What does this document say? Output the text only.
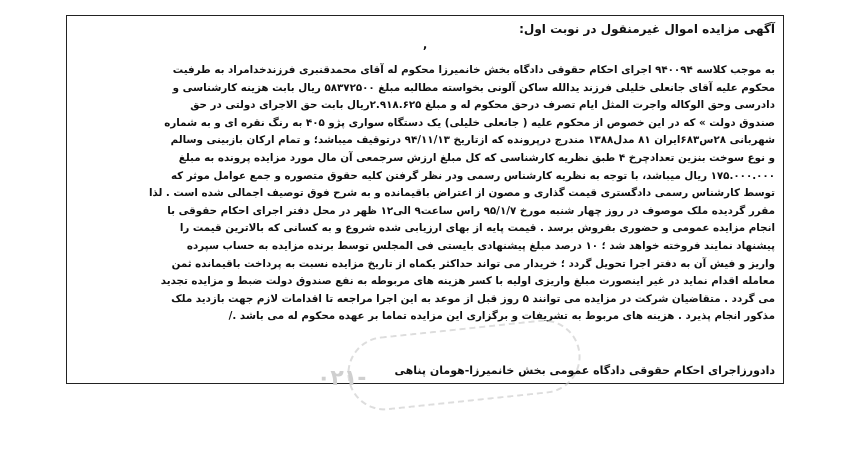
آگهی مزایده اموال غیرمنقول در نوبت اول:
٬
به موجب کلاسه ۹۴۰۰۹۴ اجرای احکام حقوقی دادگاه بخش خانمیرزا محکوم له آقای محمدقنبری فرزندخدامراد به طرفیت
محکوم علیه آقای جانعلی خلیلی فرزند یدالله ساکن آلونی بخواسته مطالبه مبلغ ۵۸۳۷۲۵۰۰ ریال بابت هزینه کارشناسی و
دادرسی وحق الوکاله واجرت المثل ایام تصرف درحق محکوم له و مبلغ ۲.۹۱۸.۶۲۵ریال بابت حق الاجرای دولتی در حق
صندوق دولت » که در این خصوص از محکوم علیه ( جانعلی خلیلی) یک دستگاه سواری پژو ۴۰۵ به رنگ نقره ای و به شماره
شهربانی ۲۸س۶۸۳ایران ۸۱ مدل۱۳۸۸ مندرج درپرونده که ازتاریخ ۹۴/۱۱/۱۳ درتوقیف میباشد؛ و تمام ارکان بازبینی وسالم
و نوع سوخت بنزین تعدادچرخ ۴ طبق نظریه کارشناسی که کل مبلغ ارزش سرجمعی آن مال مورد مزایده پرونده به مبلغ
۱۷۵.۰۰۰.۰۰۰ ریال میباشد، با توجه به نظریه کارشناس رسمی ودر نظر گرفتن کلیه حقوق متصوره و جمع عوامل موثر که
توسط کارشناس رسمی دادگستری قیمت گذاری و مصون از اعتراض باقیمانده و به شرح فوق توصیف اجمالی شده است . لذا
مقرر گردیده ملک موصوف در روز چهار شنبه مورخ ۹۵/۱/۷ راس ساعت۹ الی۱۲ ظهر در محل دفتر اجرای احکام حقوقی با
انجام مزایده عمومی و حضوری بفروش برسد . قیمت پایه از بهای ارزیابی شده شروع و به کسانی که بالاترین قیمت را
پیشنهاد نمایند فروخته خواهد شد ؛ ۱۰ درصد مبلغ پیشنهادی بایستی فی المجلس توسط برنده مزایده به حساب سپرده
واریز و فیش آن به دفتر اجرا تحویل گردد ؛ خریدار می تواند حداکثر یکماه از تاریخ مزایده نسبت به پرداخت باقیمانده ثمن
معامله اقدام نماید در غیر اینصورت مبلغ واریزی اولیه با کسر هزینه های مربوطه به نفع صندوق دولت ضبط و مزایده تجدید
می گردد . متقاضیان شرکت در مزایده می توانند ۵ روز قبل از موعد به این اجرا مراجعه تا اقدامات لازم جهت بازدید ملک
مذکور انجام پذیرد . هزینه های مربوط به تشریفات و برگزاری این مزایده تماما بر عهده محکوم له می باشد ./
۰۲۱-	دادورزاجرای احکام حقوقی دادگاه عمومی بخش خانمیرزا-هومان پناهی
